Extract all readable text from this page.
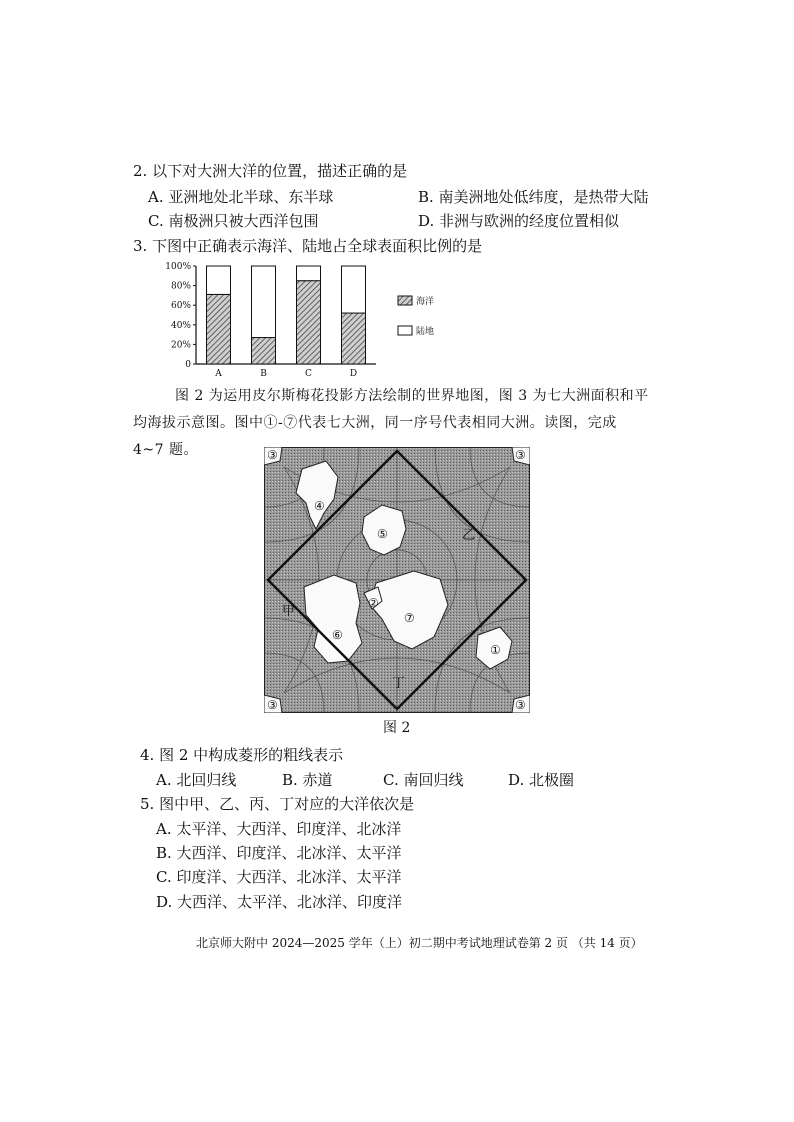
2. 以下对大洲大洋的位置，描述正确的是
A. 亚洲地处北半球、东半球	B. 南美洲地处低纬度，是热带大陆
C. 南极洲只被大西洋包围	D. 非洲与欧洲的经度位置相似
3. 下图中正确表示海洋、陆地占全球表面积比例的是
0
20%
40%
60%
80%
100%
A	B	C	D
海洋
陆地
图 2 为运用皮尔斯梅花投影方法绘制的世界地图，图 3 为七大洲面积和平
均海拔示意图。图中①-⑦代表七大洲，同一序号代表相同大洲。读图，完成
4~7 题。
④
⑤
②
⑥
⑦
①
③	③
③	③
甲
乙
丁
图 2
4. 图 2 中构成菱形的粗线表示
A. 北回归线	B. 赤道	C. 南回归线	D. 北极圈
5. 图中甲、乙、丙、丁对应的大洋依次是
A. 太平洋、大西洋、印度洋、北冰洋
B. 大西洋、印度洋、北冰洋、太平洋
C. 印度洋、大西洋、北冰洋、太平洋
D. 大西洋、太平洋、北冰洋、印度洋
北京师大附中 2024—2025 学年（上）初二期中考试地理试卷第 2 页 （共 14 页）
